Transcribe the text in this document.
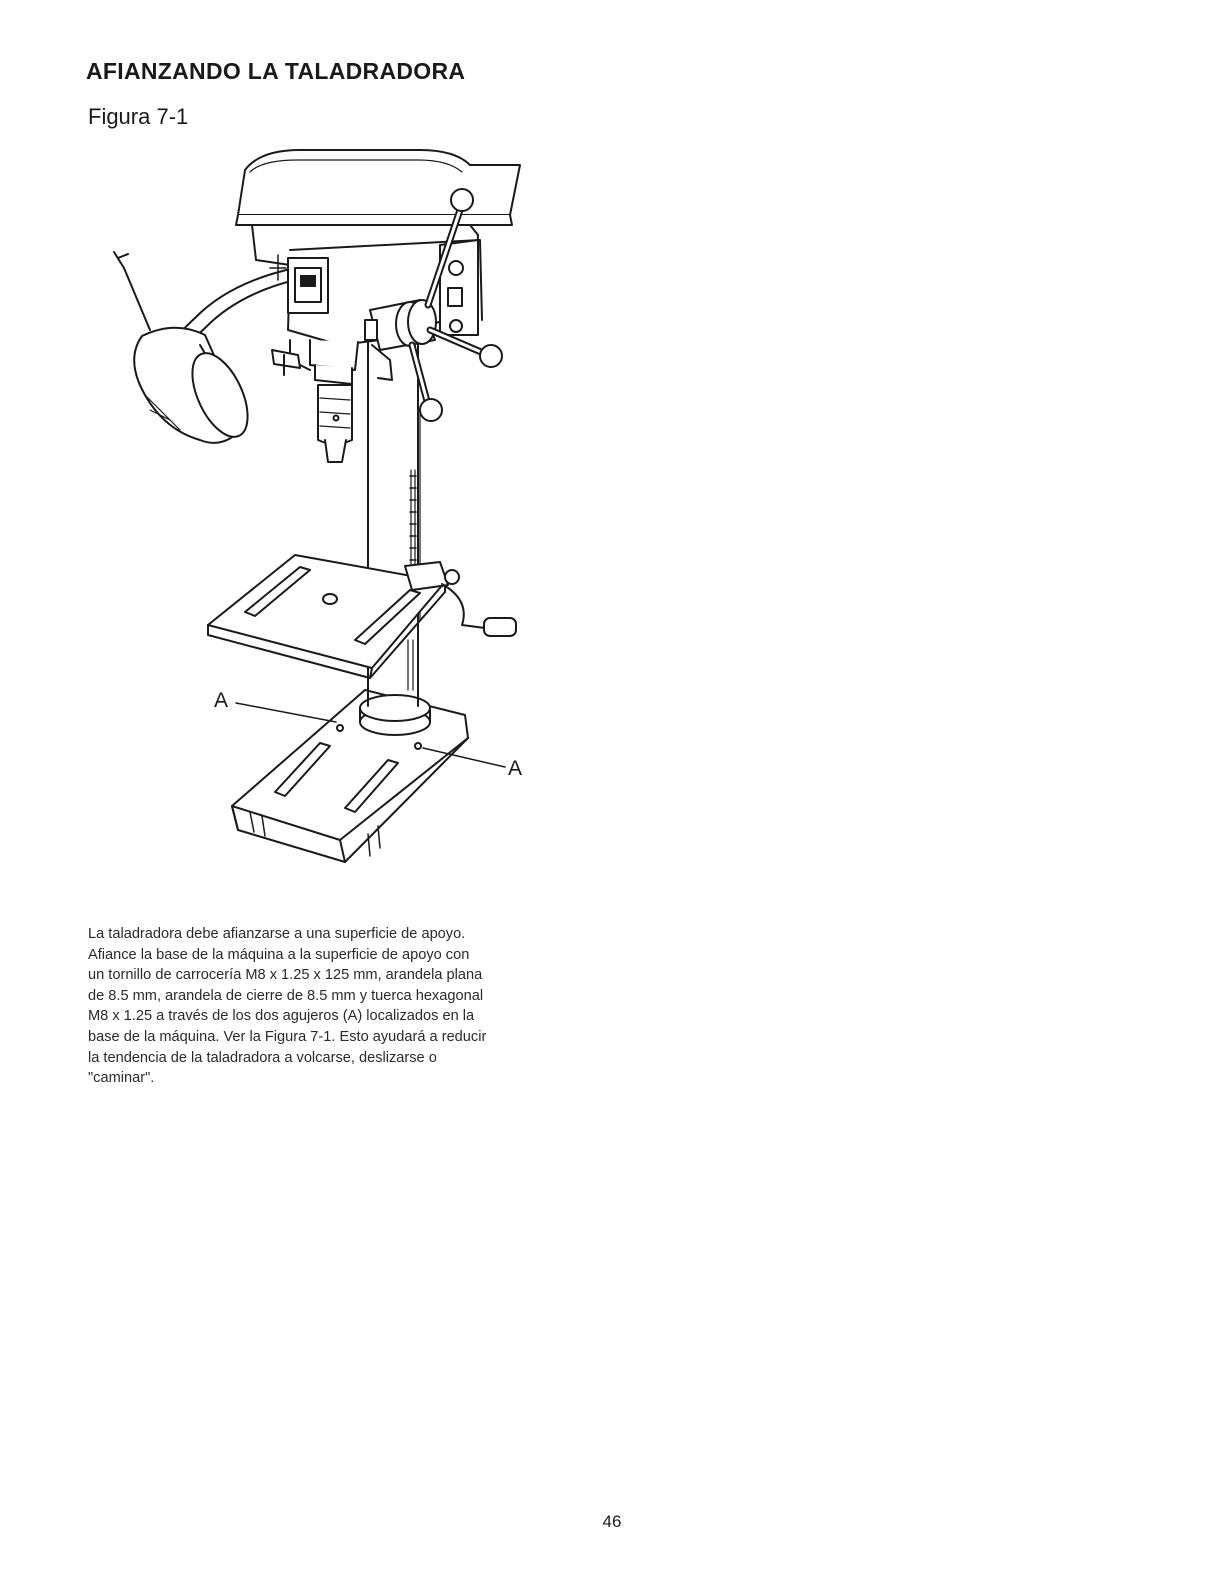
AFIANZANDO LA TALADRADORA
Figura 7-1
A
A

La taladradora debe afianzarse a una superficie de apoyo.
Afiance la base de la máquina a la superficie de apoyo con
un tornillo de carrocería M8 x 1.25 x 125 mm, arandela plana
de 8.5 mm, arandela de cierre de 8.5 mm y tuerca hexagonal
M8 x 1.25 a través de los dos agujeros (A) localizados en la
base de la máquina. Ver la Figura 7-1. Esto ayudará a reducir
la tendencia de la taladradora a volcarse, deslizarse o
"caminar".

46
